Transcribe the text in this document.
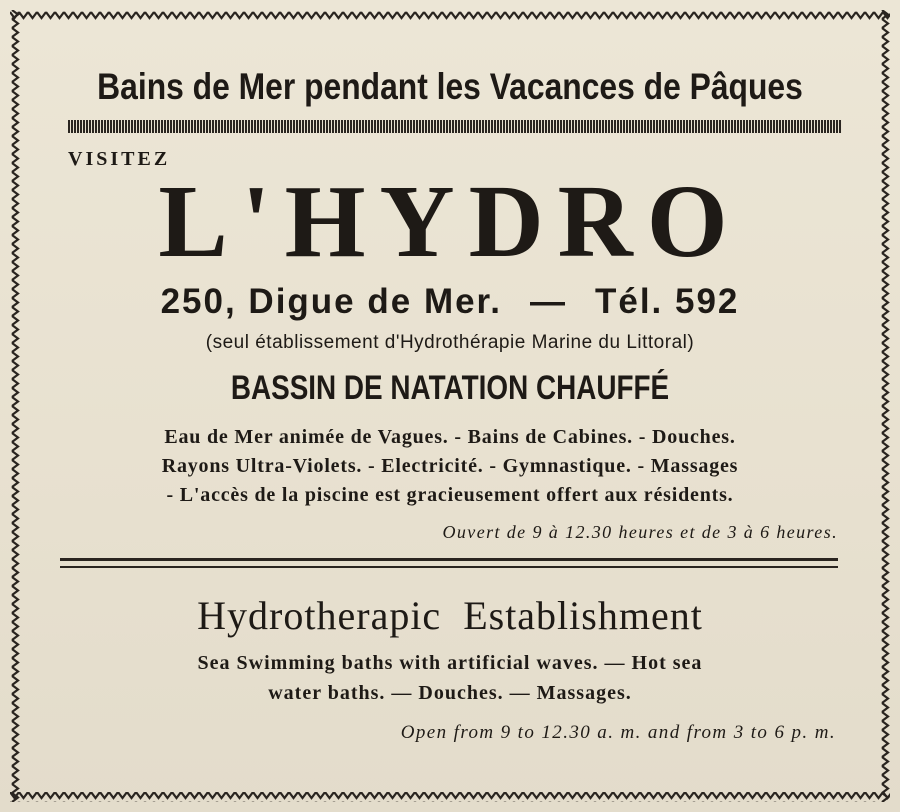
Bains de Mer pendant les Vacances de Pâques
VISITEZ
L'HYDRO
250, Digue de Mer. — Tél. 592
(seul établissement d'Hydrothérapie Marine du Littoral)
BASSIN DE NATATION CHAUFFÉ
Eau de Mer animée de Vagues. - Bains de Cabines. - Douches.
Rayons Ultra-Violets. - Electricité. - Gymnastique. - Massages
- L'accès de la piscine est gracieusement offert aux résidents.
Ouvert de 9 à 12.30 heures et de 3 à 6 heures.
Hydrotherapic  Establishment
Sea Swimming baths with artificial waves. — Hot sea
water baths. — Douches. — Massages.
Open from 9 to 12.30 a. m. and from 3 to 6 p. m.
